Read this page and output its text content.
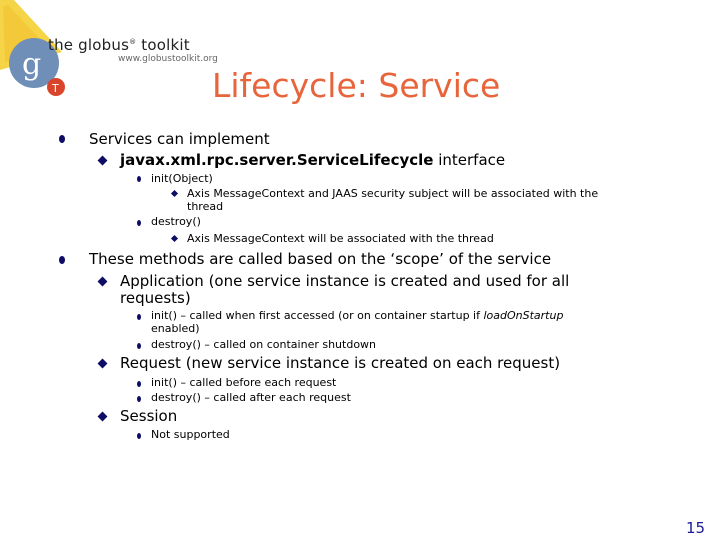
g
T
the globus® toolkit
www.globustoolkit.org
Lifecycle: Service
Services can implement
javax.xml.rpc.server.ServiceLifecycle interface
init(Object)
Axis MessageContext and JAAS security subject will be associated with the
thread
destroy()
Axis MessageContext will be associated with the thread
These methods are called based on the ‘scope’ of the service
Application (one service instance is created and used for all
requests)
init() – called when first accessed (or on container startup if loadOnStartup
enabled)
destroy() – called on container shutdown
Request (new service instance is created on each request)
init() – called before each request
destroy() – called after each request
Session
Not supported
15
